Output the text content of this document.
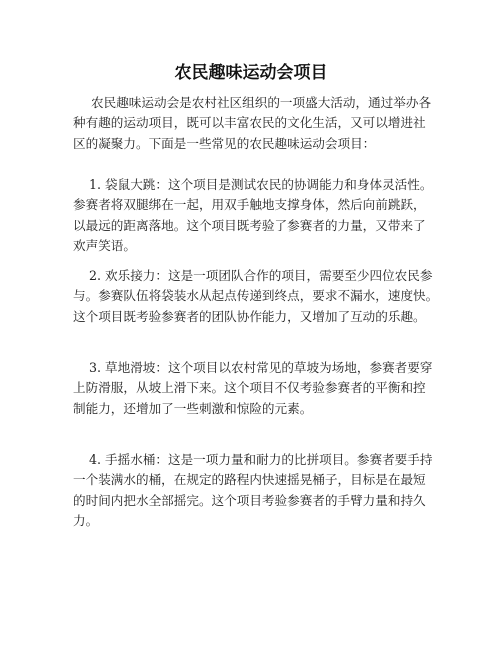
农民趣味运动会项目
农民趣味运动会是农村社区组织的一项盛大活动，通过举办各
种有趣的运动项目，既可以丰富农民的文化生活，又可以增进社
区的凝聚力。下面是一些常见的农民趣味运动会项目：
1. 袋鼠大跳：这个项目是测试农民的协调能力和身体灵活性。
参赛者将双腿绑在一起，用双手触地支撑身体，然后向前跳跃，
以最远的距离落地。这个项目既考验了参赛者的力量，又带来了
欢声笑语。
2. 欢乐接力：这是一项团队合作的项目，需要至少四位农民参
与。参赛队伍将袋装水从起点传递到终点，要求不漏水，速度快。
这个项目既考验参赛者的团队协作能力，又增加了互动的乐趣。
3. 草地滑坡：这个项目以农村常见的草坡为场地，参赛者要穿
上防滑服，从坡上滑下来。这个项目不仅考验参赛者的平衡和控
制能力，还增加了一些刺激和惊险的元素。
4. 手摇水桶：这是一项力量和耐力的比拼项目。参赛者要手持
一个装满水的桶，在规定的路程内快速摇晃桶子，目标是在最短
的时间内把水全部摇完。这个项目考验参赛者的手臂力量和持久
力。
